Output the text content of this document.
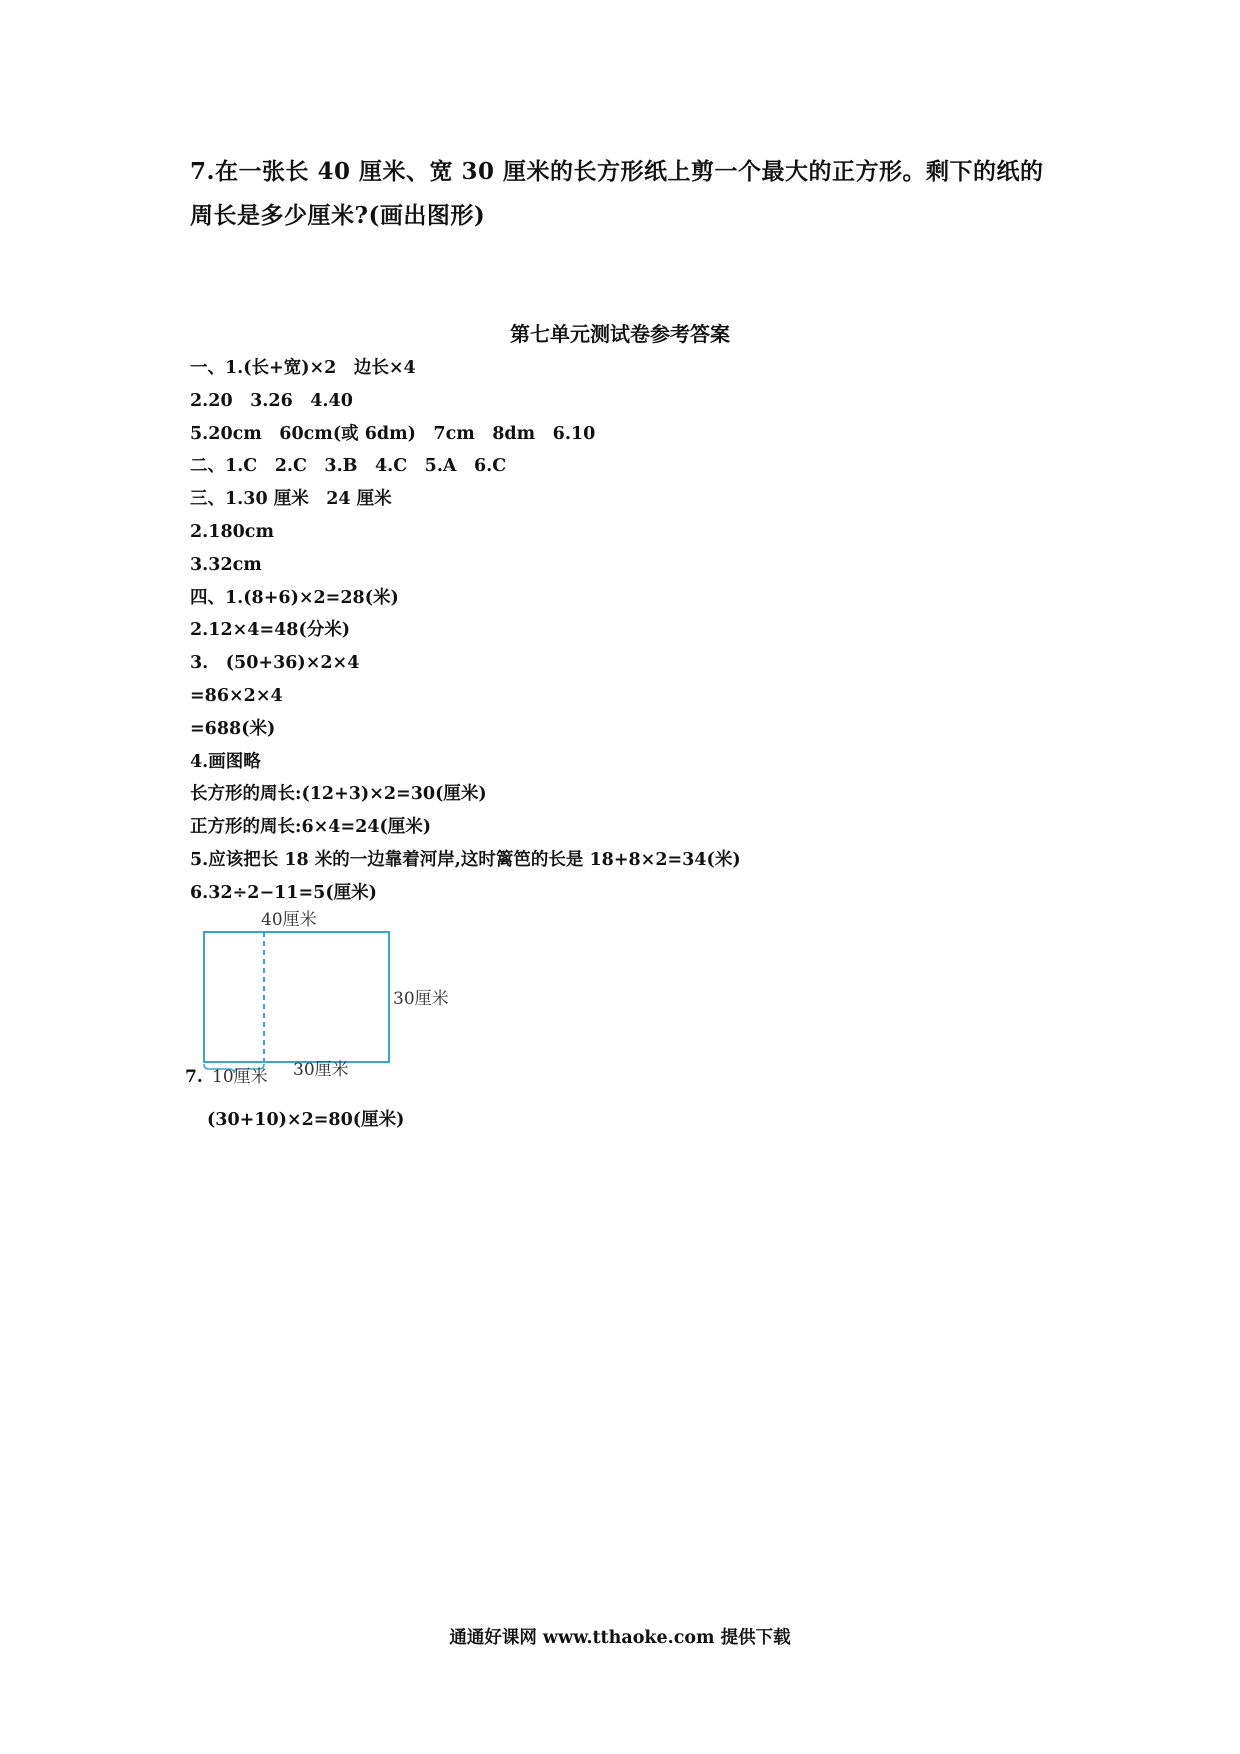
7.在一张长 40 厘米、宽 30 厘米的长方形纸上剪一个最大的正方形。剩下的纸的周长是多少厘米?(画出图形)

第七单元测试卷参考答案
一、1.(长+宽)×2　边长×4
2.20　3.26　4.40
5.20cm　60cm(或 6dm)　7cm　8dm　6.10
二、1.C　2.C　3.B　4.C　5.A　6.C
三、1.30 厘米　24 厘米
2.180cm
3.32cm
四、1.(8+6)×2=28(米)
2.12×4=48(分米)
3.　(50+36)×2×4
=86×2×4
=688(米)
4.画图略
长方形的周长:(12+3)×2=30(厘米)
正方形的周长:6×4=24(厘米)
5.应该把长 18 米的一边靠着河岸,这时篱笆的长是 18+8×2=34(米)
6.32÷2−11=5(厘米)
40厘米
30厘米
7. 10厘米 30厘米

(30+10)×2=80(厘米)

通通好课网 www.tthaoke.com 提供下载
